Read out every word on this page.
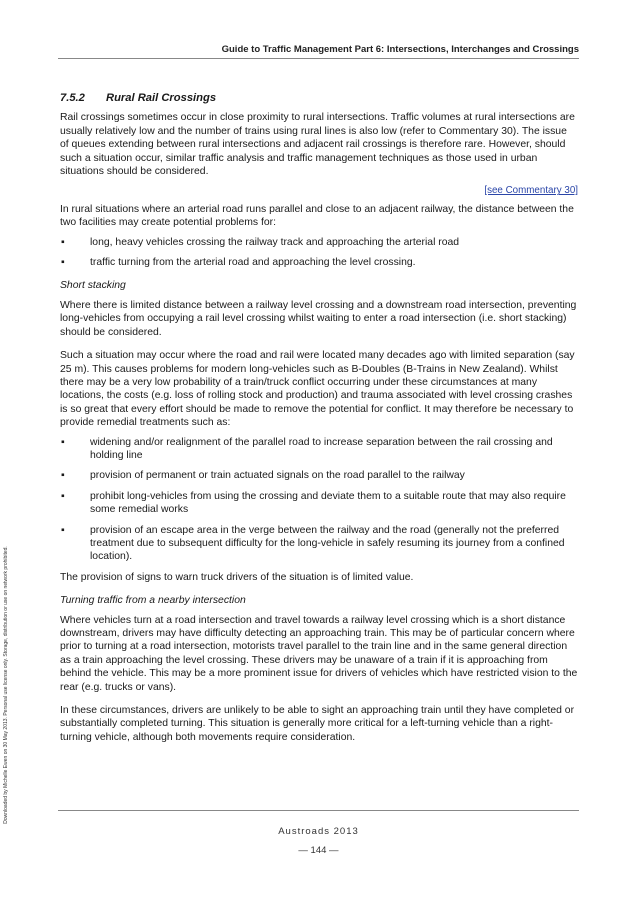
Guide to Traffic Management Part 6: Intersections, Interchanges and Crossings
Downloaded by Michelle Ewen on 30 May 2013. Personal use license only. Storage, distribution or use on network prohibited.
7.5.2 Rural Rail Crossings

Rail crossings sometimes occur in close proximity to rural intersections. Traffic volumes at rural intersections are usually relatively low and the number of trains using rural lines is also low (refer to Commentary 30). The issue of queues extending between rural intersections and adjacent rail crossings is therefore rare. However, should such a situation occur, similar traffic analysis and traffic management techniques as those used in urban situations should be considered.

[see Commentary 30]

In rural situations where an arterial road runs parallel and close to an adjacent railway, the distance between the two facilities may create potential problems for:

▪ long, heavy vehicles crossing the railway track and approaching the arterial road
▪ traffic turning from the arterial road and approaching the level crossing.
Short stacking

Where there is limited distance between a railway level crossing and a downstream road intersection, preventing long-vehicles from occupying a rail level crossing whilst waiting to enter a road intersection (i.e. short stacking) should be considered.

Such a situation may occur where the road and rail were located many decades ago with limited separation (say 25 m). This causes problems for modern long-vehicles such as B-Doubles (B-Trains in New Zealand). Whilst there may be a very low probability of a train/truck conflict occurring under these circumstances at many locations, the costs (e.g. loss of rolling stock and production) and trauma associated with level crossing crashes is so great that every effort should be made to remove the potential for conflict. It may therefore be necessary to provide remedial treatments such as:

▪ widening and/or realignment of the parallel road to increase separation between the rail crossing and holding line
▪ provision of permanent or train actuated signals on the road parallel to the railway
▪ prohibit long-vehicles from using the crossing and deviate them to a suitable route that may also require some remedial works
▪ provision of an escape area in the verge between the railway and the road (generally not the preferred treatment due to subsequent difficulty for the long-vehicle in safely resuming its journey from a confined location).

The provision of signs to warn truck drivers of the situation is of limited value.

Turning traffic from a nearby intersection

Where vehicles turn at a road intersection and travel towards a railway level crossing which is a short distance downstream, drivers may have difficulty detecting an approaching train. This may be of particular concern where prior to turning at a road intersection, motorists travel parallel to the train line and in the same general direction as a train approaching the level crossing. These drivers may be unaware of a train if it is approaching from behind the vehicle. This may be a more prominent issue for drivers of vehicles which have restricted vision to the rear (e.g. trucks or vans).

In these circumstances, drivers are unlikely to be able to sight an approaching train until they have completed or substantially completed turning. This situation is generally more critical for a left-turning vehicle than a right-turning vehicle, although both movements require consideration.

Austroads 2013
— 144 —
